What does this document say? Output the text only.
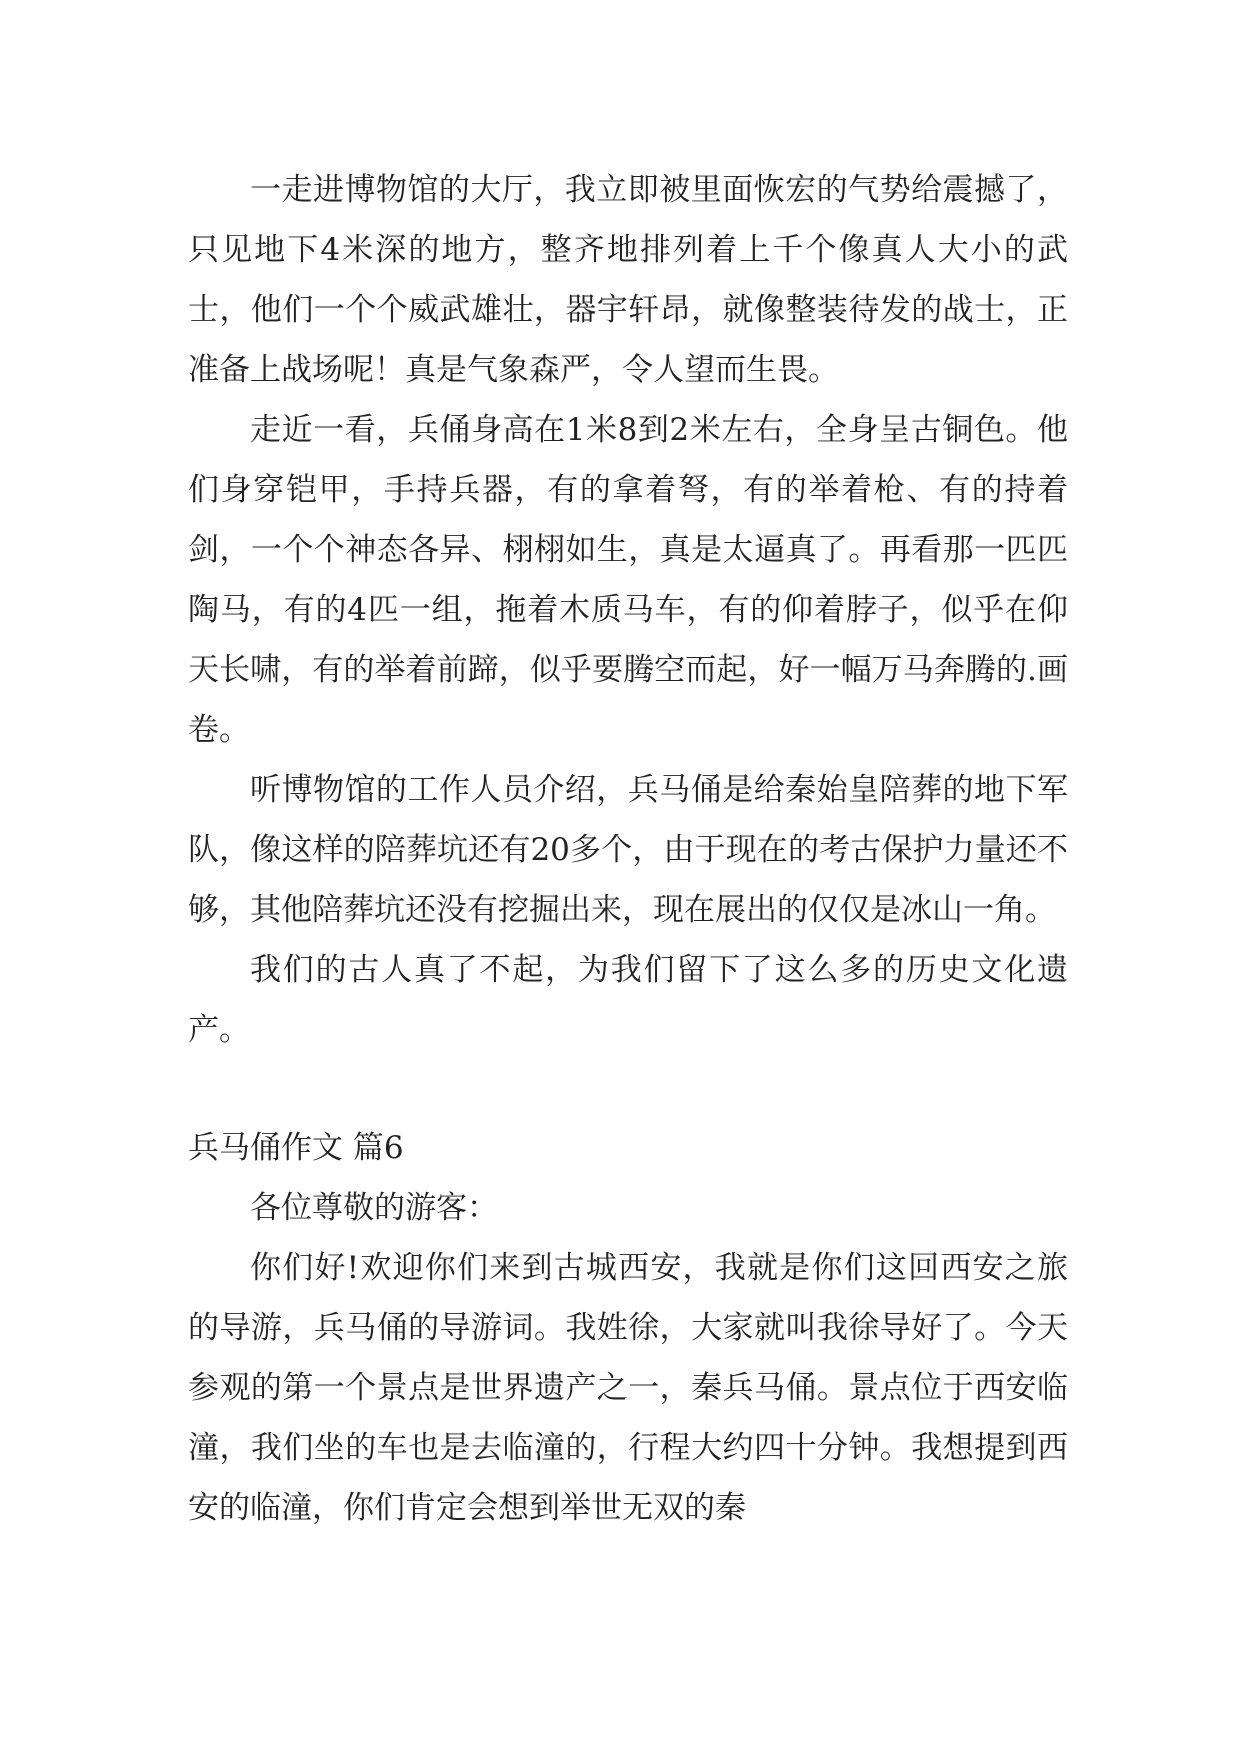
一走进博物馆的大厅，我立即被里面恢宏的气势给震撼了，只见地下4米深的地方，整齐地排列着上千个像真人大小的武士，他们一个个威武雄壮，器宇轩昂，就像整装待发的战士，正准备上战场呢！真是气象森严，令人望而生畏。

走近一看，兵俑身高在1米8到2米左右，全身呈古铜色。他们身穿铠甲，手持兵器，有的拿着弩，有的举着枪、有的持着剑，一个个神态各异、栩栩如生，真是太逼真了。再看那一匹匹陶马，有的4匹一组，拖着木质马车，有的仰着脖子，似乎在仰天长啸，有的举着前蹄，似乎要腾空而起，好一幅万马奔腾的.画卷。

听博物馆的工作人员介绍，兵马俑是给秦始皇陪葬的地下军队，像这样的陪葬坑还有20多个，由于现在的考古保护力量还不够，其他陪葬坑还没有挖掘出来，现在展出的仅仅是冰山一角。

我们的古人真了不起，为我们留下了这么多的历史文化遗产。

兵马俑作文 篇6

各位尊敬的游客：

你们好!欢迎你们来到古城西安，我就是你们这回西安之旅的导游，兵马俑的导游词。我姓徐，大家就叫我徐导好了。今天参观的第一个景点是世界遗产之一，秦兵马俑。景点位于西安临潼，我们坐的车也是去临潼的，行程大约四十分钟。我想提到西安的临潼，你们肯定会想到举世无双的秦
